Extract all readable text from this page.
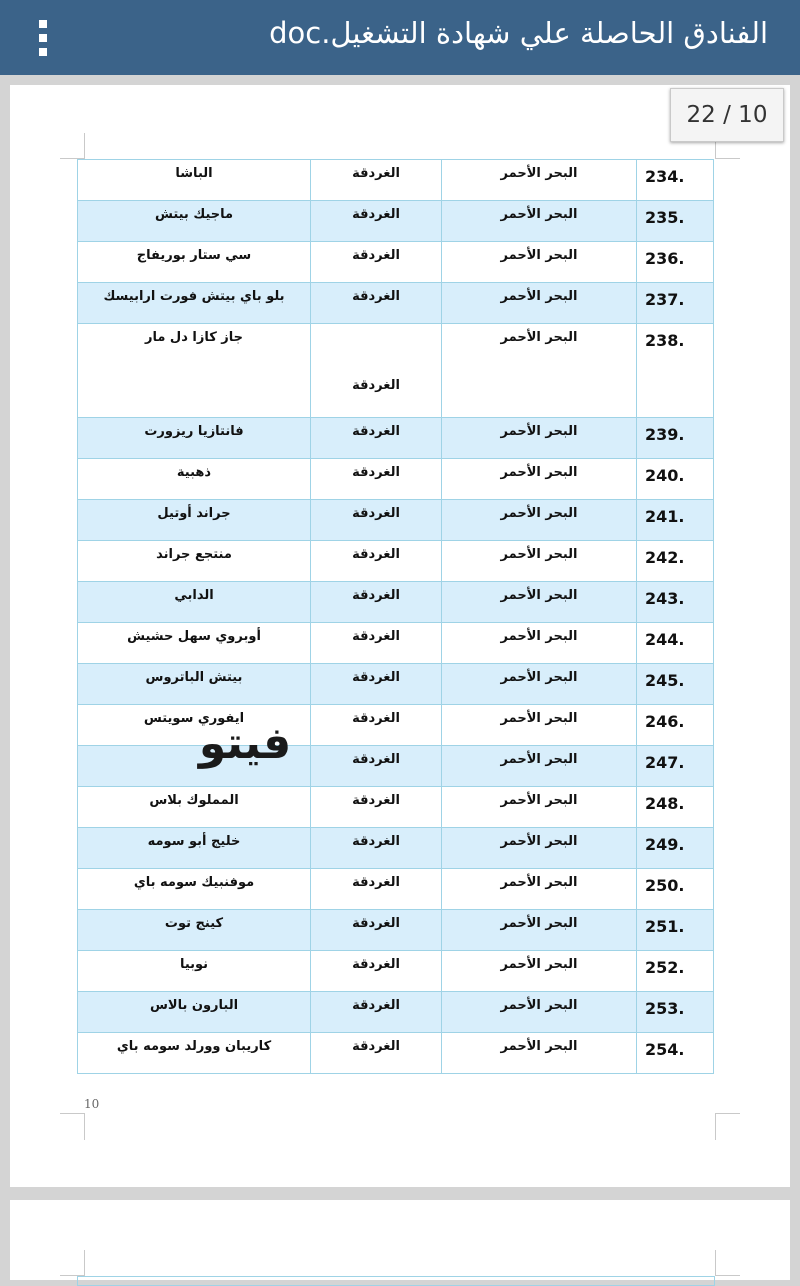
الفنادق الحاصلة علي شهادة التشغيل.doc
22 / 10
الباشا	الغردقة	البحر الأحمر	234.
ماجيك بيتش	الغردقة	البحر الأحمر	235.
سي ستار بوريفاج	الغردقة	البحر الأحمر	236.
بلو باي بيتش فورت ارابيسك	الغردقة	البحر الأحمر	237.
جاز كازا دل مار	الغردقة	البحر الأحمر	238.
فانتازيا ريزورت	الغردقة	البحر الأحمر	239.
ذهبية	الغردقة	البحر الأحمر	240.
جراند أوتيل	الغردقة	البحر الأحمر	241.
منتجع جراند	الغردقة	البحر الأحمر	242.
الدابي	الغردقة	البحر الأحمر	243.
أوبروي سهل حشيش	الغردقة	البحر الأحمر	244.
بيتش الباتروس	الغردقة	البحر الأحمر	245.
ايفوري سويتس	الغردقة	البحر الأحمر	246.
	الغردقة	البحر الأحمر	247.
المملوك بلاس	الغردقة	البحر الأحمر	248.
خليج أبو سومه	الغردقة	البحر الأحمر	249.
موفنبيك سومه باي	الغردقة	البحر الأحمر	250.
كينج توت	الغردقة	البحر الأحمر	251.
نوبيا	الغردقة	البحر الأحمر	252.
البارون بالاس	الغردقة	البحر الأحمر	253.
كاريبان وورلد سومه باي	الغردقة	البحر الأحمر	254.
فيتو
10
